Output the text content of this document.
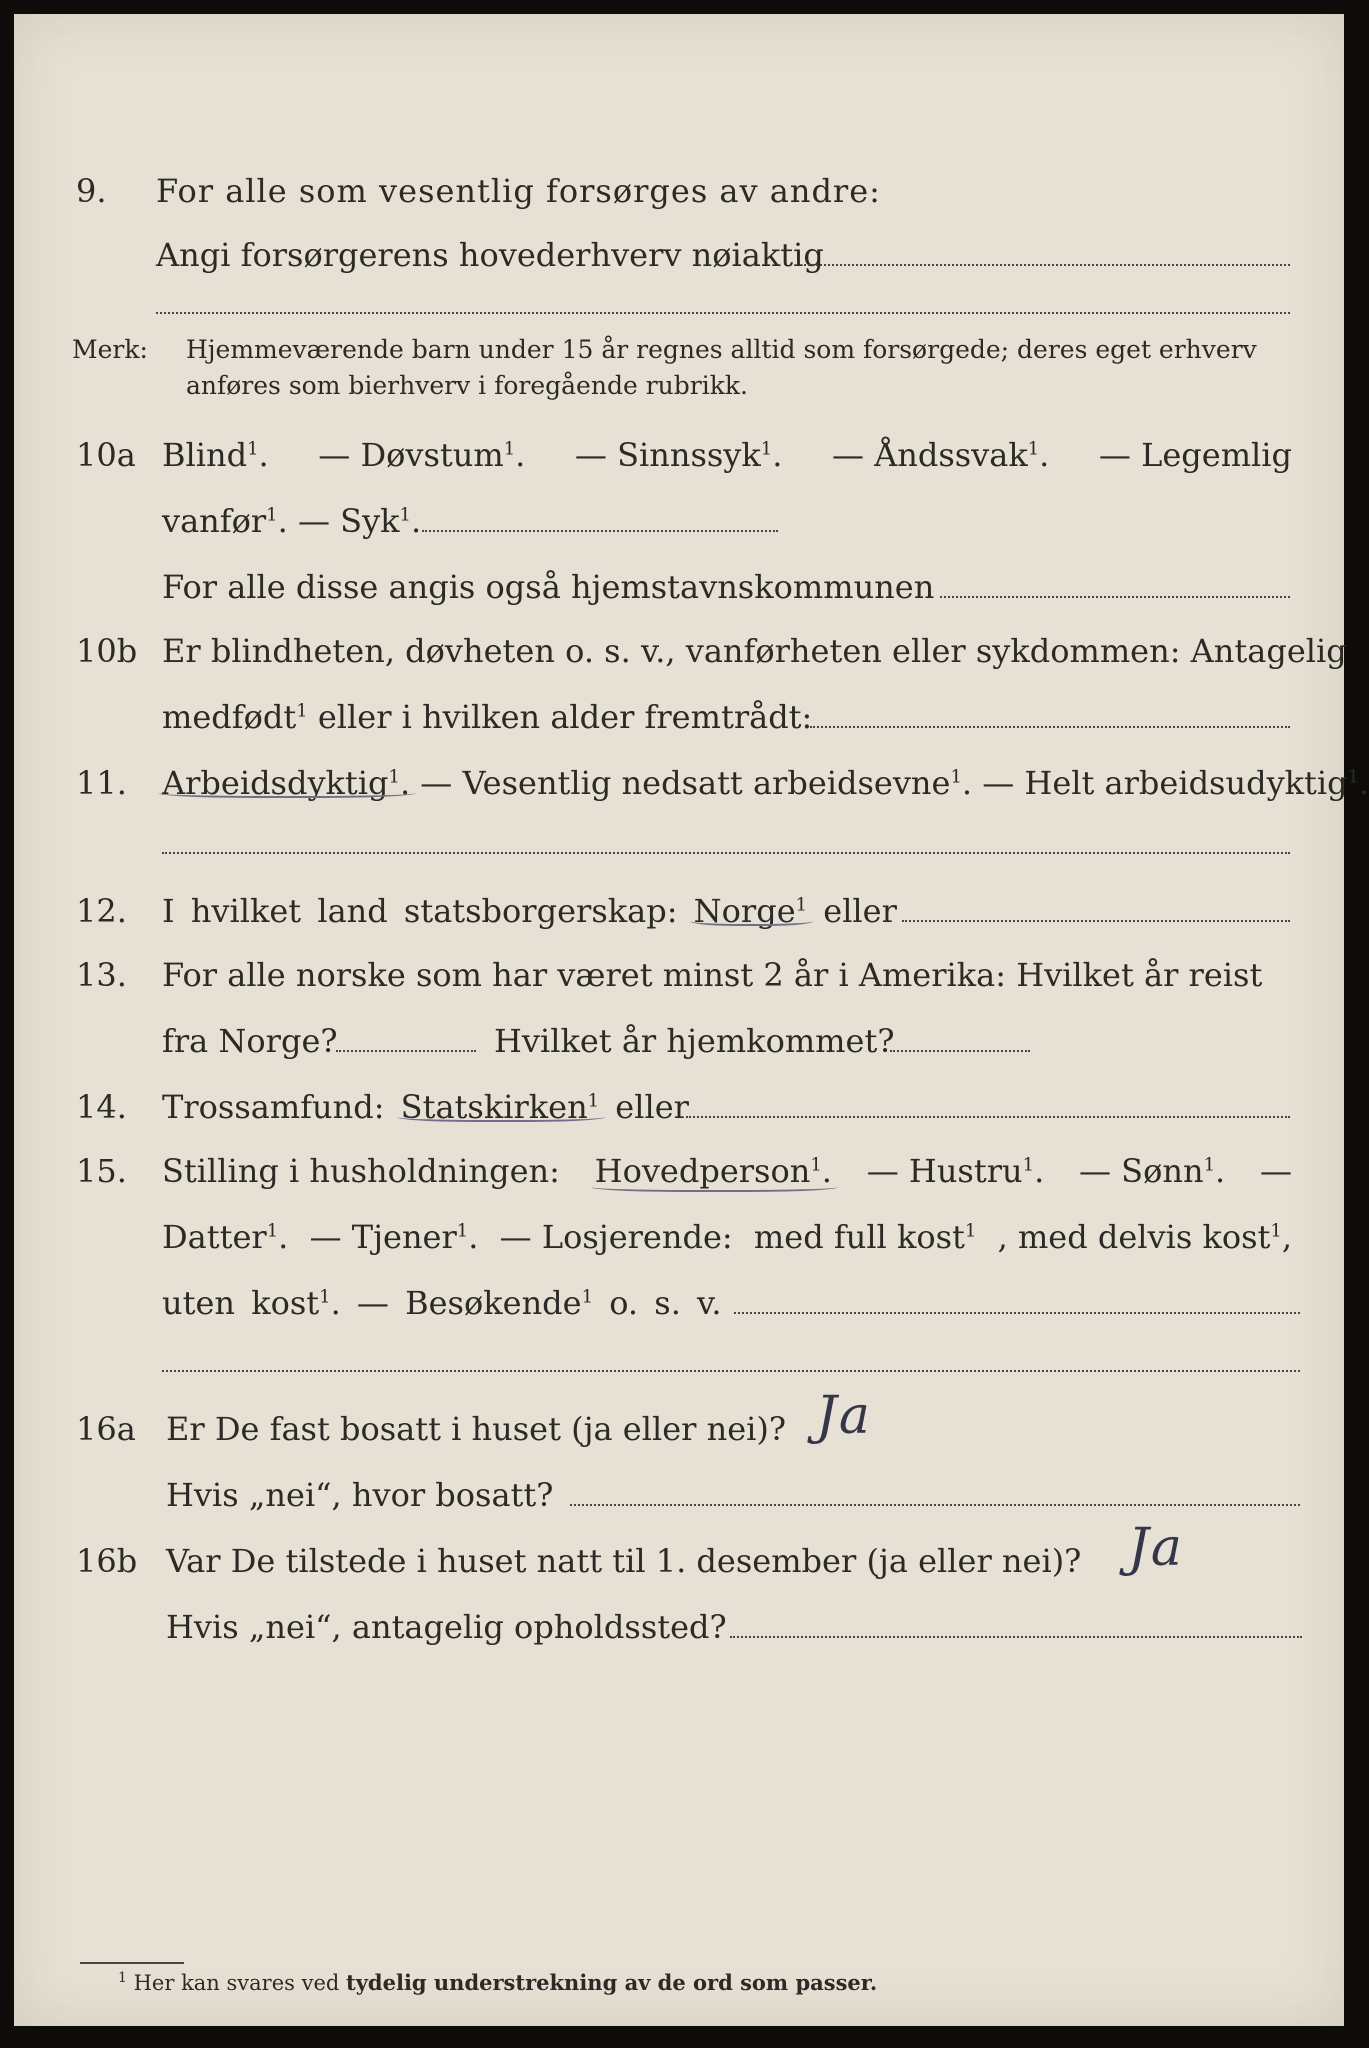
9. For alle som vesentlig forsørges av andre:
Angi forsørgerens hovederhverv nøiaktig
Merk: Hjemmeværende barn under 15 år regnes alltid som forsørgede; deres eget erhverv
anføres som bierhverv i foregående rubrikk.
10a Blind$^1$. — Døvstum$^1$. — Sinnssyk$^1$. — Åndssvak$^1$. — Legemlig
vanfør$^1$. — Syk$^1$.
For alle disse angis også hjemstavnskommunen
10b Er blindheten, døvheten o. s. v., vanførheten eller sykdommen: Antagelig
medfødt$^1$ eller i hvilken alder fremtrådt:
11. Arbeidsdyktig$^1$. — Vesentlig nedsatt arbeidsevne$^1$. — Helt arbeidsudyktig$^1$.
12. I hvilket land statsborgerskap: Norge$^1$ eller
13. For alle norske som har været minst 2 år i Amerika: Hvilket år reist
fra Norge?	Hvilket år hjemkommet?
14. Trossamfund: Statskirken$^1$ eller
15. Stilling i husholdningen: Hovedperson$^1$. — Hustru$^1$. — Sønn$^1$. —
Datter$^1$. — Tjener$^1$. — Losjerende: med full kost$^1$ , med delvis kost$^1$,
uten kost$^1$. — Besøkende$^1$ o. s. v.
16a Er De fast bosatt i huset (ja eller nei)? Ja
Hvis „nei“, hvor bosatt?
16b Var De tilstede i huset natt til 1. desember (ja eller nei)? Ja
Hvis „nei“, antagelig opholdssted?
$^1$ Her kan svares ved tydelig understrekning av de ord som passer.
